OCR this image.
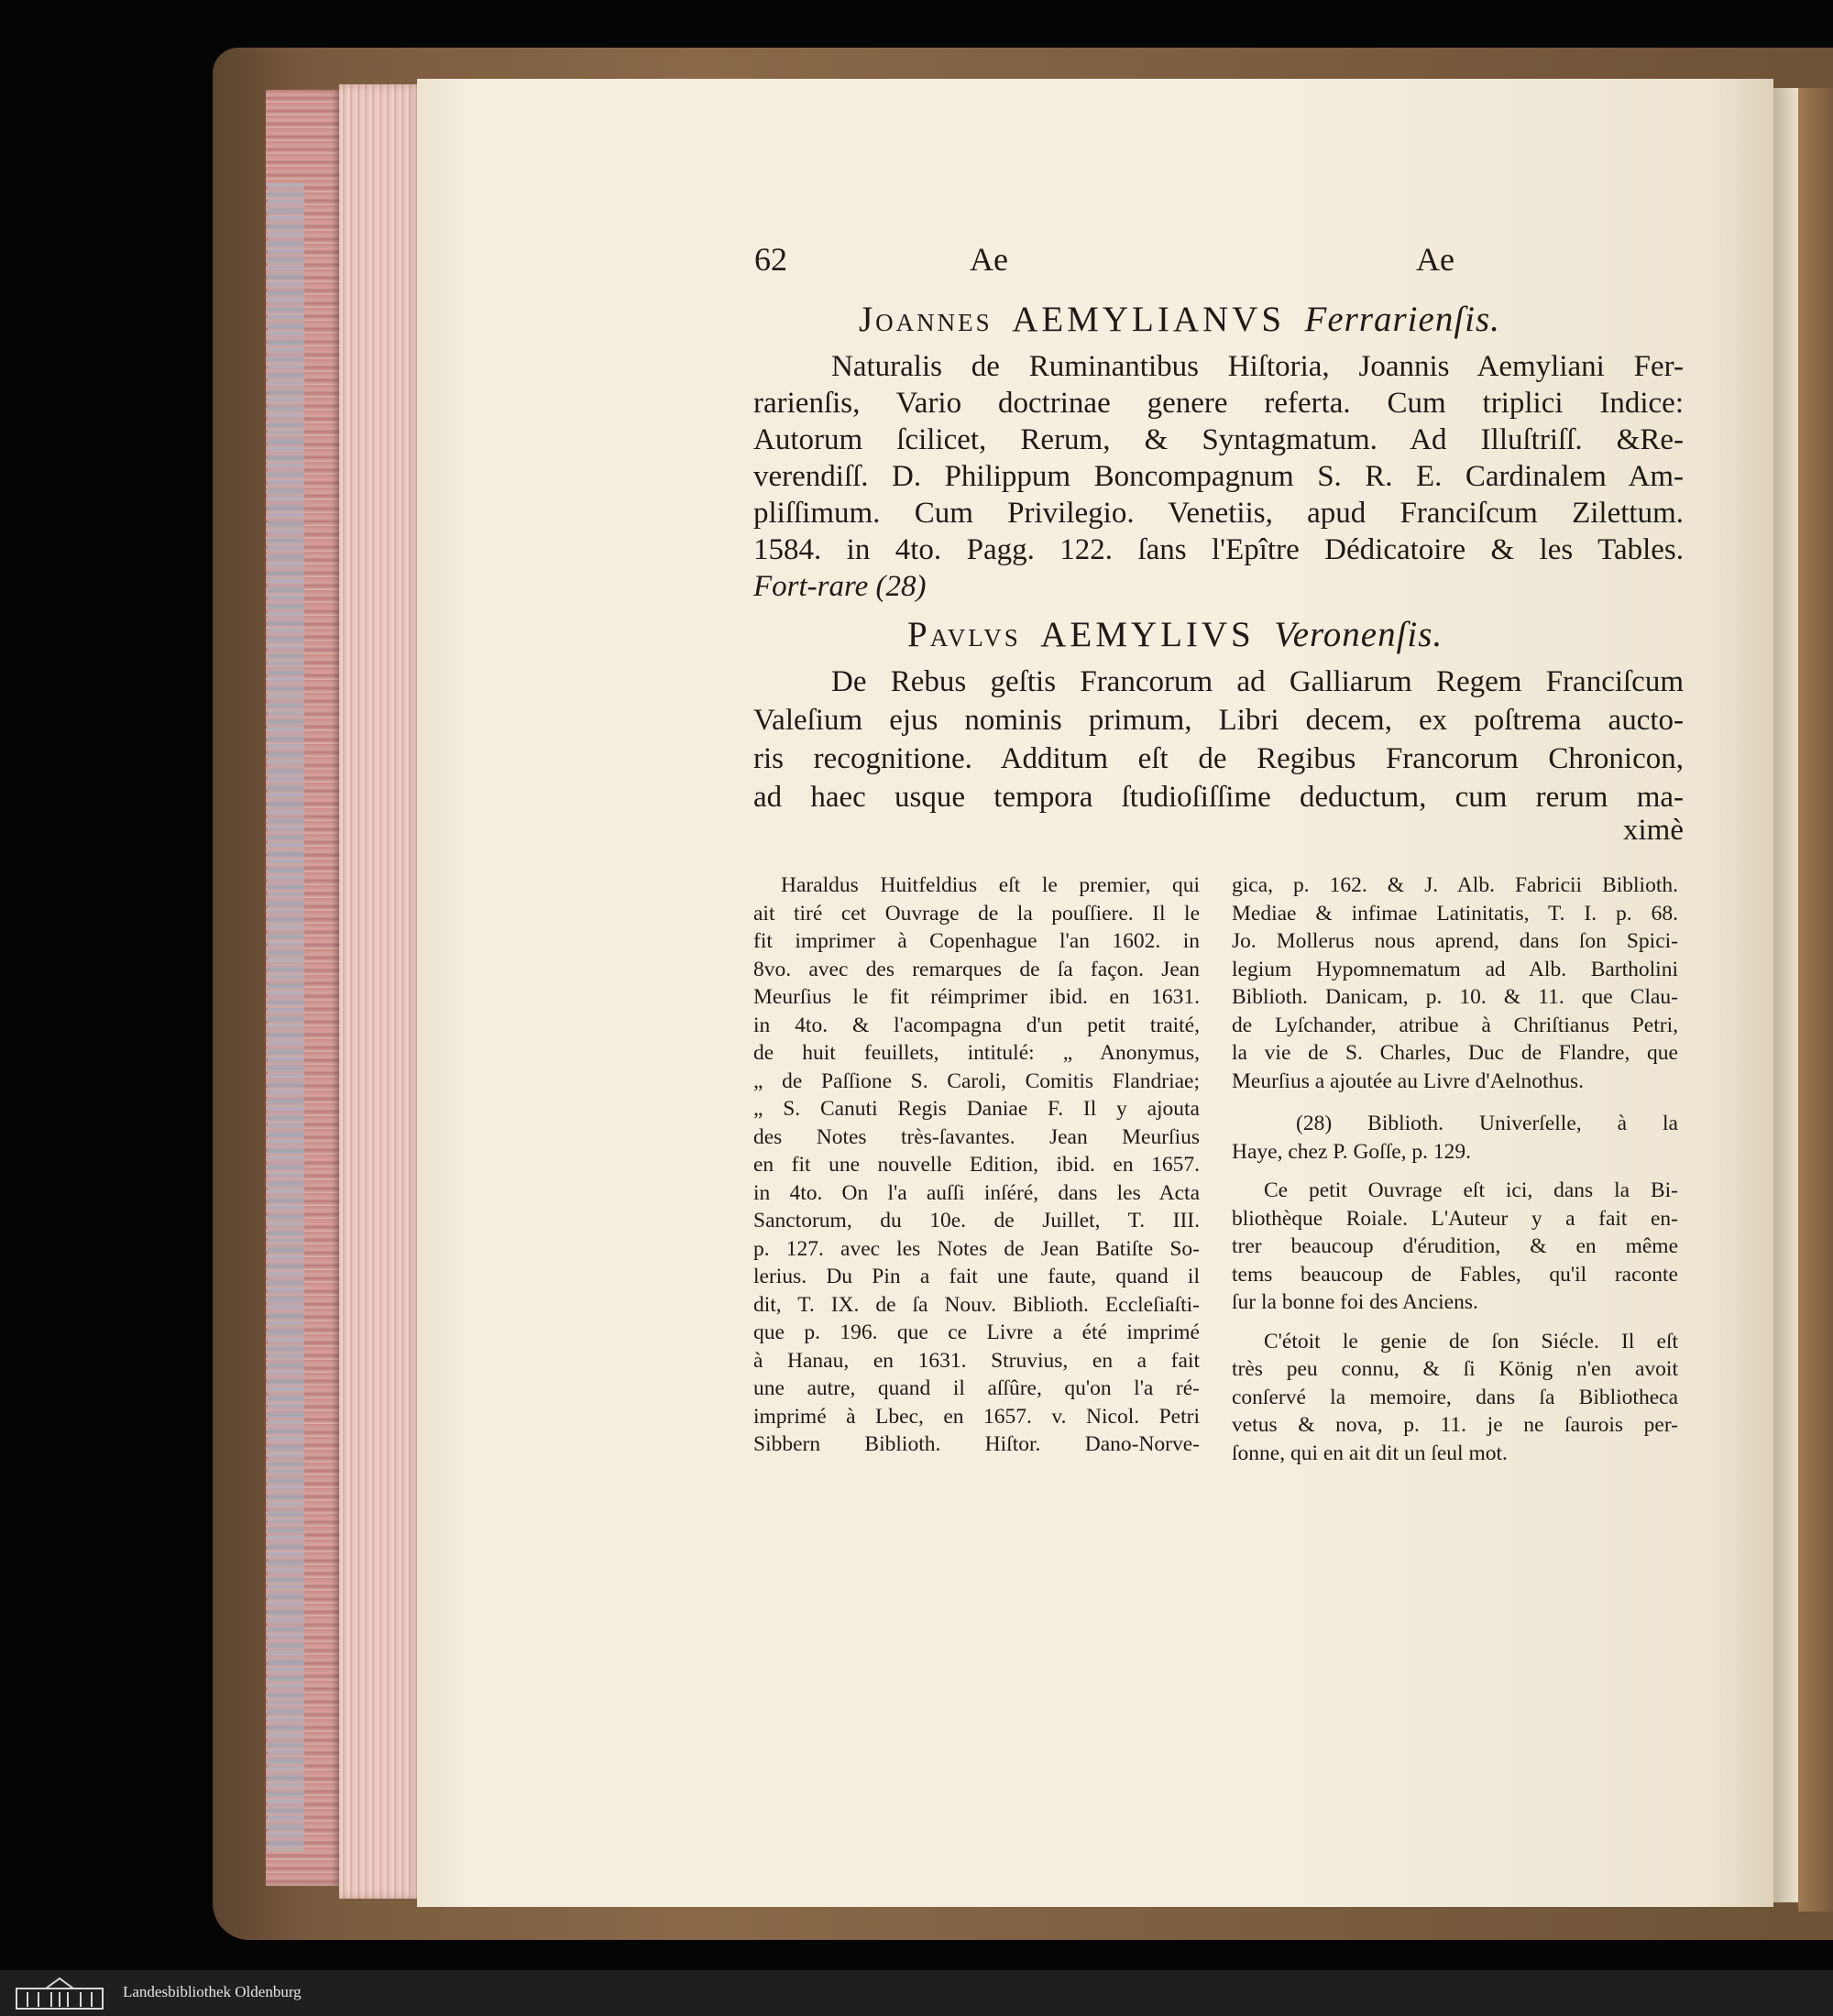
62	Ae	Ae
Joannes AEMYLIANVS Ferrarienſis.
Naturalis de Ruminantibus Hiſtoria, Joannis Aemyliani Fer-
rarienſis, Vario doctrinae genere referta. Cum triplici Indice:
Autorum ſcilicet, Rerum, & Syntagmatum. Ad Illuſtriſſ. &Re-
verendiſſ. D. Philippum Boncompagnum S. R. E. Cardinalem Am-
pliſſimum. Cum Privilegio. Venetiis, apud Franciſcum Zilettum.
1584. in 4to. Pagg. 122. ſans l'Epître Dédicatoire & les Tables.
Fort-rare (28)
Pavlvs AEMYLIVS Veronenſis.
De Rebus geſtis Francorum ad Galliarum Regem Franciſcum
Valeſium ejus nominis primum, Libri decem, ex poſtrema aucto-
ris recognitione. Additum eſt de Regibus Francorum Chronicon,
ad haec usque tempora ſtudioſiſſime deductum, cum rerum ma-
ximè
Haraldus Huitfeldius eſt le premier, qui
ait tiré cet Ouvrage de la pouſſiere. Il le
fit imprimer à Copenhague l'an 1602. in
8vo. avec des remarques de ſa façon. Jean
Meurſius le fit réimprimer ibid. en 1631.
in 4to. & l'acompagna d'un petit traité,
de huit feuillets, intitulé: „ Anonymus,
„ de Paſſione S. Caroli, Comitis Flandriae;
„ S. Canuti Regis Daniae F. Il y ajouta
des Notes très-ſavantes. Jean Meurſius
en fit une nouvelle Edition, ibid. en 1657.
in 4to. On l'a auſſi inſéré, dans les Acta
Sanctorum, du 10e. de Juillet, T. III.
p. 127. avec les Notes de Jean Batiſte So-
lerius. Du Pin a fait une faute, quand il
dit, T. IX. de ſa Nouv. Biblioth. Eccleſiaſti-
que p. 196. que ce Livre a été imprimé
à Hanau, en 1631. Struvius, en a fait
une autre, quand il aſſûre, qu'on l'a ré-
imprimé à Lbec, en 1657. v. Nicol. Petri
Sibbern Biblioth. Hiſtor. Dano-Norve-
gica, p. 162. & J. Alb. Fabricii Biblioth.
Mediae & infimae Latinitatis, T. I. p. 68.
Jo. Mollerus nous aprend, dans ſon Spici-
legium Hypomnematum ad Alb. Bartholini
Biblioth. Danicam, p. 10. & 11. que Clau-
de Lyſchander, atribue à Chriſtianus Petri,
la vie de S. Charles, Duc de Flandre, que
Meurſius a ajoutée au Livre d'Aelnothus.
(28) Biblioth. Univerſelle, à la
Haye, chez P. Goſſe, p. 129.
Ce petit Ouvrage eſt ici, dans la Bi-
bliothèque Roiale. L'Auteur y a fait en-
trer beaucoup d'érudition, & en même
tems beaucoup de Fables, qu'il raconte
ſur la bonne foi des Anciens.
C'étoit le genie de ſon Siécle. Il eſt
très peu connu, & ſi König n'en avoit
conſervé la memoire, dans ſa Bibliotheca
vetus & nova, p. 11. je ne ſaurois per-
ſonne, qui en ait dit un ſeul mot.
Landesbibliothek Oldenburg
